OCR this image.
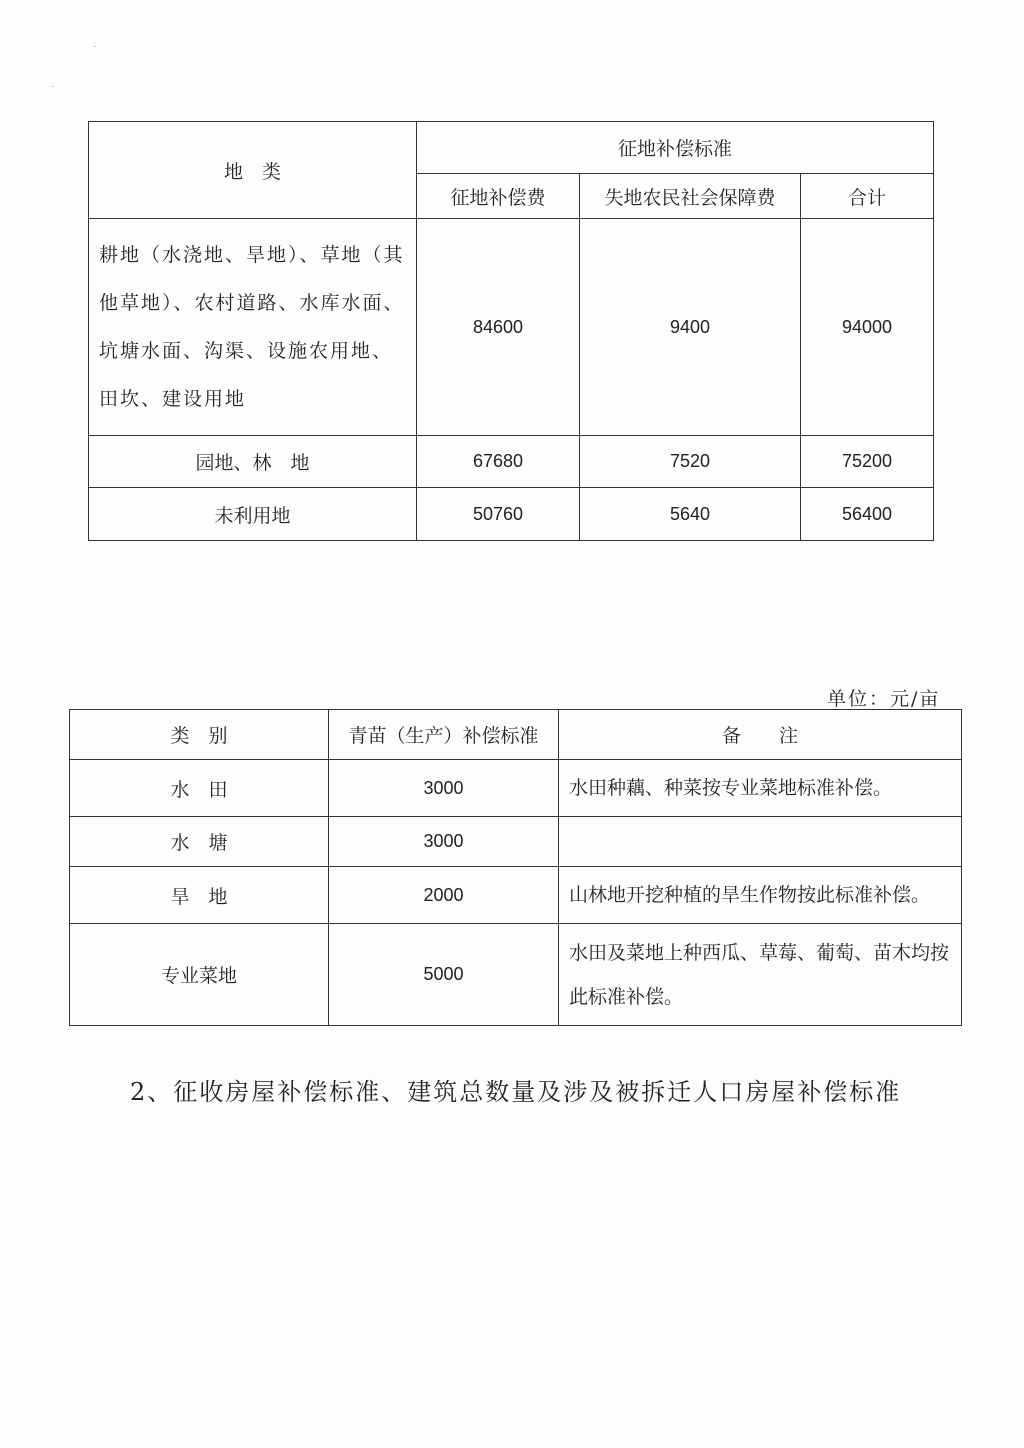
·
·
地　类	征地补偿标准		
	征地补偿费	失地农民社会保障费	合计
耕地（水浇地、旱地）、草地（其他草地）、农村道路、水库水面、坑塘水面、沟渠、设施农用地、田坎、建设用地	84600	9400	94000
园地、林　地	67680	7520	75200
未利用地	50760	5640	56400
单位：元/亩
类　别	青苗（生产）补偿标准	备　　注
水　田	3000	水田种藕、种菜按专业菜地标准补偿。
水　塘	3000	
旱　地	2000	山林地开挖种植的旱生作物按此标准补偿。
专业菜地	5000	水田及菜地上种西瓜、草莓、葡萄、苗木均按此标准补偿。
2、征收房屋补偿标准、建筑总数量及涉及被拆迁人口房屋补偿标准
